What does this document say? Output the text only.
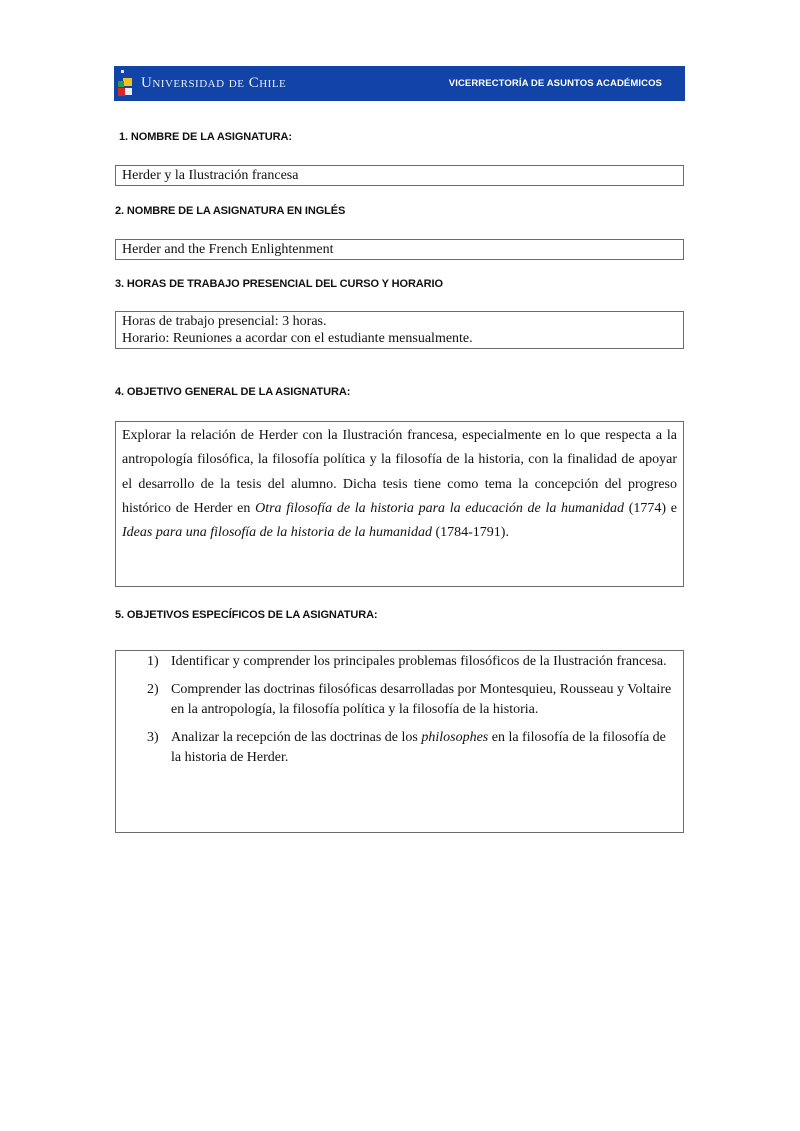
Universidad de Chile	VICERRECTORÍA DE ASUNTOS ACADÉMICOS
1. NOMBRE DE LA ASIGNATURA:
Herder y la Ilustración francesa
2. NOMBRE DE LA ASIGNATURA EN INGLÉS
Herder and the French Enlightenment
3. HORAS DE TRABAJO PRESENCIAL DEL CURSO Y HORARIO
Horas de trabajo presencial: 3 horas.
Horario: Reuniones a acordar con el estudiante mensualmente.
4. OBJETIVO GENERAL DE LA ASIGNATURA:
Explorar la relación de Herder con la Ilustración francesa, especialmente en lo que respecta a la antropología filosófica, la filosofía política y la filosofía de la historia, con la finalidad de apoyar el desarrollo de la tesis del alumno. Dicha tesis tiene como tema la concepción del progreso histórico de Herder en Otra filosofía de la historia para la educación de la humanidad (1774) e Ideas para una filosofía de la historia de la humanidad (1784-1791).
5. OBJETIVOS ESPECÍFICOS DE LA ASIGNATURA:
1) Identificar y comprender los principales problemas filosóficos de la Ilustración francesa.
2) Comprender las doctrinas filosóficas desarrolladas por Montesquieu, Rousseau y Voltaire en la antropología, la filosofía política y la filosofía de la historia.
3) Analizar la recepción de las doctrinas de los philosophes en la filosofía de la filosofía de la historia de Herder.
